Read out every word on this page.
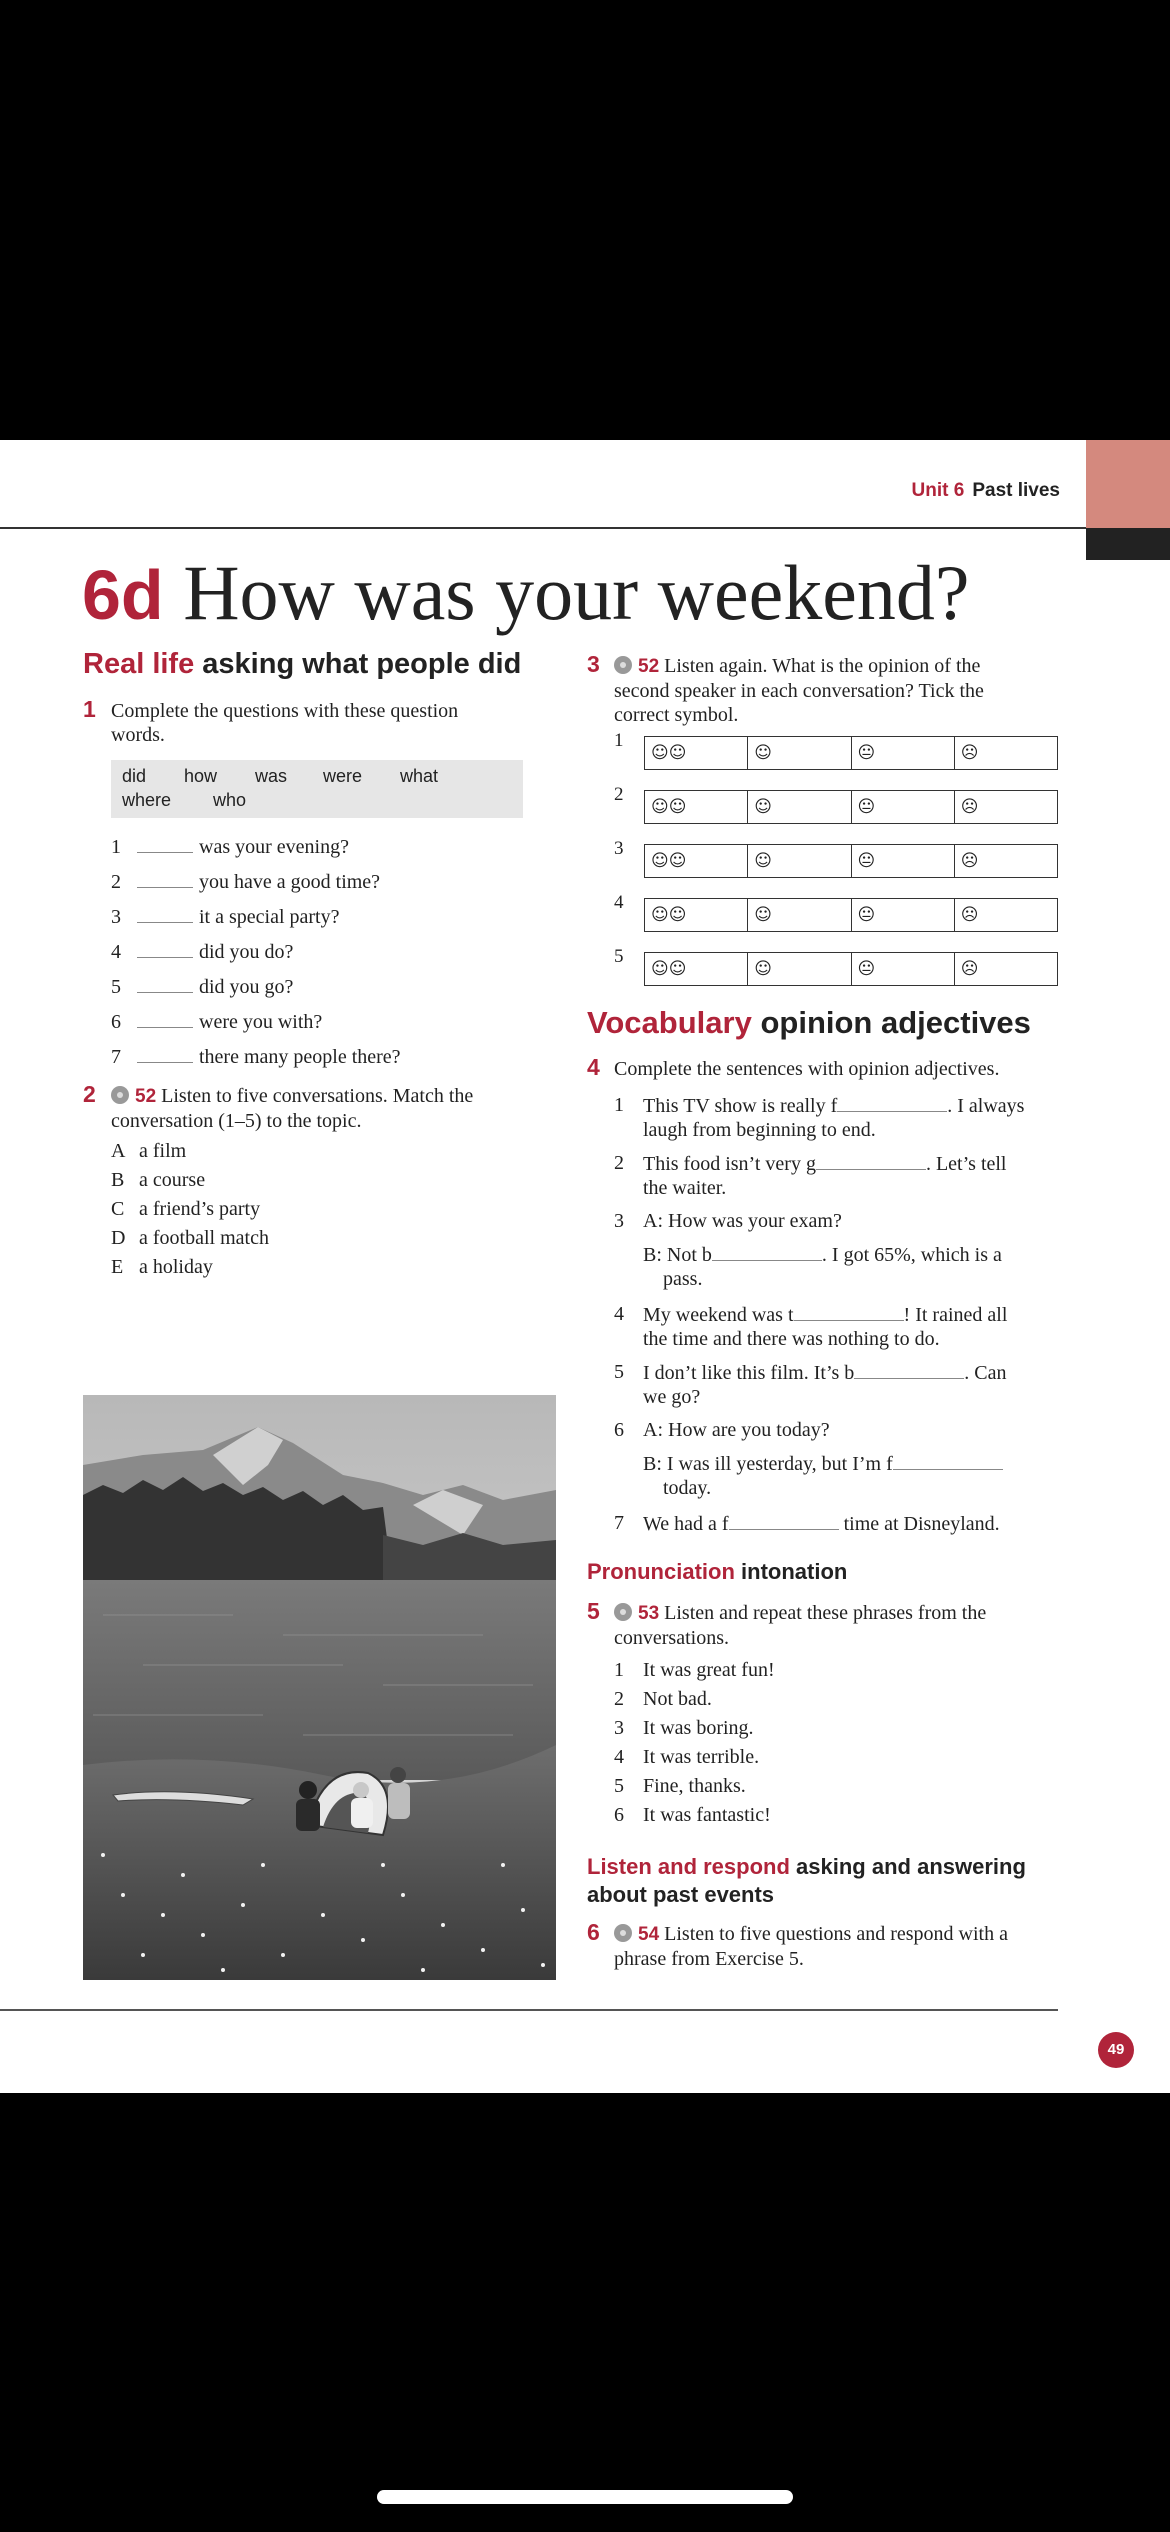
Unit 6 Past lives
6d How was your weekend?
Real life asking what people did
1 Complete the questions with these question
words.
did how was were what
where who
1	was your evening?
2	you have a good time?
3	it a special party?
4	did you do?
5	did you go?
6	were you with?
7	there many people there?
2	52 Listen to five conversations. Match the
conversation (1–5) to the topic.
A a film
B a course
C a friend’s party
D a football match
E a holiday
3	52 Listen again. What is the opinion of the
second speaker in each conversation? Tick the
correct symbol.
1
☺☺	☺	😐	☹
2
☺☺	☺	😐	☹
3
☺☺	☺	😐	☹
4
☺☺	☺	😐	☹
5
☺☺	☺	😐	☹
Vocabulary opinion adjectives
4 Complete the sentences with opinion adjectives.
1 This TV show is really f	. I always
laugh from beginning to end.
2 This food isn’t very g	. Let’s tell
the waiter.
3 A: How was your exam?
B: Not b	. I got 65%, which is a
pass.
4 My weekend was t	! It rained all
the time and there was nothing to do.
5 I don’t like this film. It’s b	. Can
we go?
6 A: How are you today?
B: I was ill yesterday, but I’m f
today.
7 We had a f	time at Disneyland.
Pronunciation intonation
5	53 Listen and repeat these phrases from the
conversations.
1 It was great fun!
2 Not bad.
3 It was boring.
4 It was terrible.
5 Fine, thanks.
6 It was fantastic!
Listen and respond asking and answering
about past events
6	54 Listen to five questions and respond with a
phrase from Exercise 5.
49
